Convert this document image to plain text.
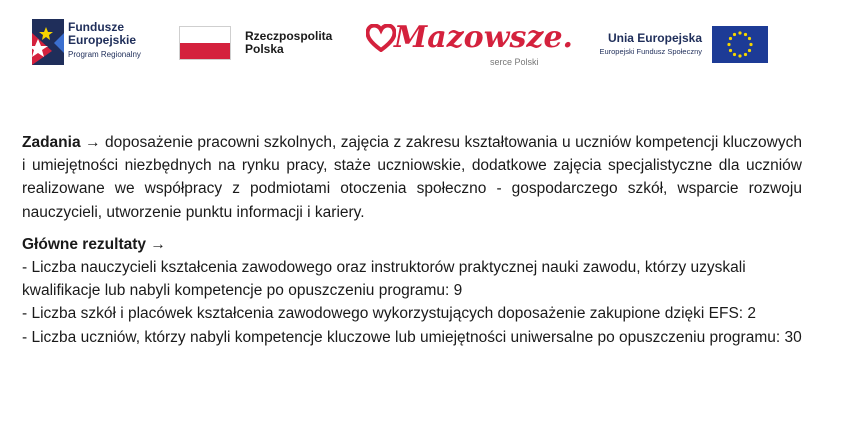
Fundusze
Europejskie
Program Regionalny
Rzeczpospolita
Polska	Mazowsze.
serce Polski
Unia Europejska
Europejski Fundusz Społeczny
Zadania → doposażenie pracowni szkolnych, zajęcia z zakresu kształtowania u uczniów kompetencji kluczowych i umiejętności niezbędnych na rynku pracy, staże uczniowskie, dodatkowe zajęcia specjalistyczne dla uczniów realizowane we współpracy z podmiotami otoczenia społeczno - gospodarczego szkół, wsparcie rozwoju nauczycieli, utworzenie punktu informacji i kariery.
Główne rezultaty →
- Liczba nauczycieli kształcenia zawodowego oraz instruktorów praktycznej nauki zawodu, którzy uzyskali kwalifikacje lub nabyli kompetencje po opuszczeniu programu: 9
- Liczba szkół i placówek kształcenia zawodowego wykorzystujących doposażenie zakupione dzięki EFS: 2
- Liczba uczniów, którzy nabyli kompetencje kluczowe lub umiejętności uniwersalne po opuszczeniu programu: 30
